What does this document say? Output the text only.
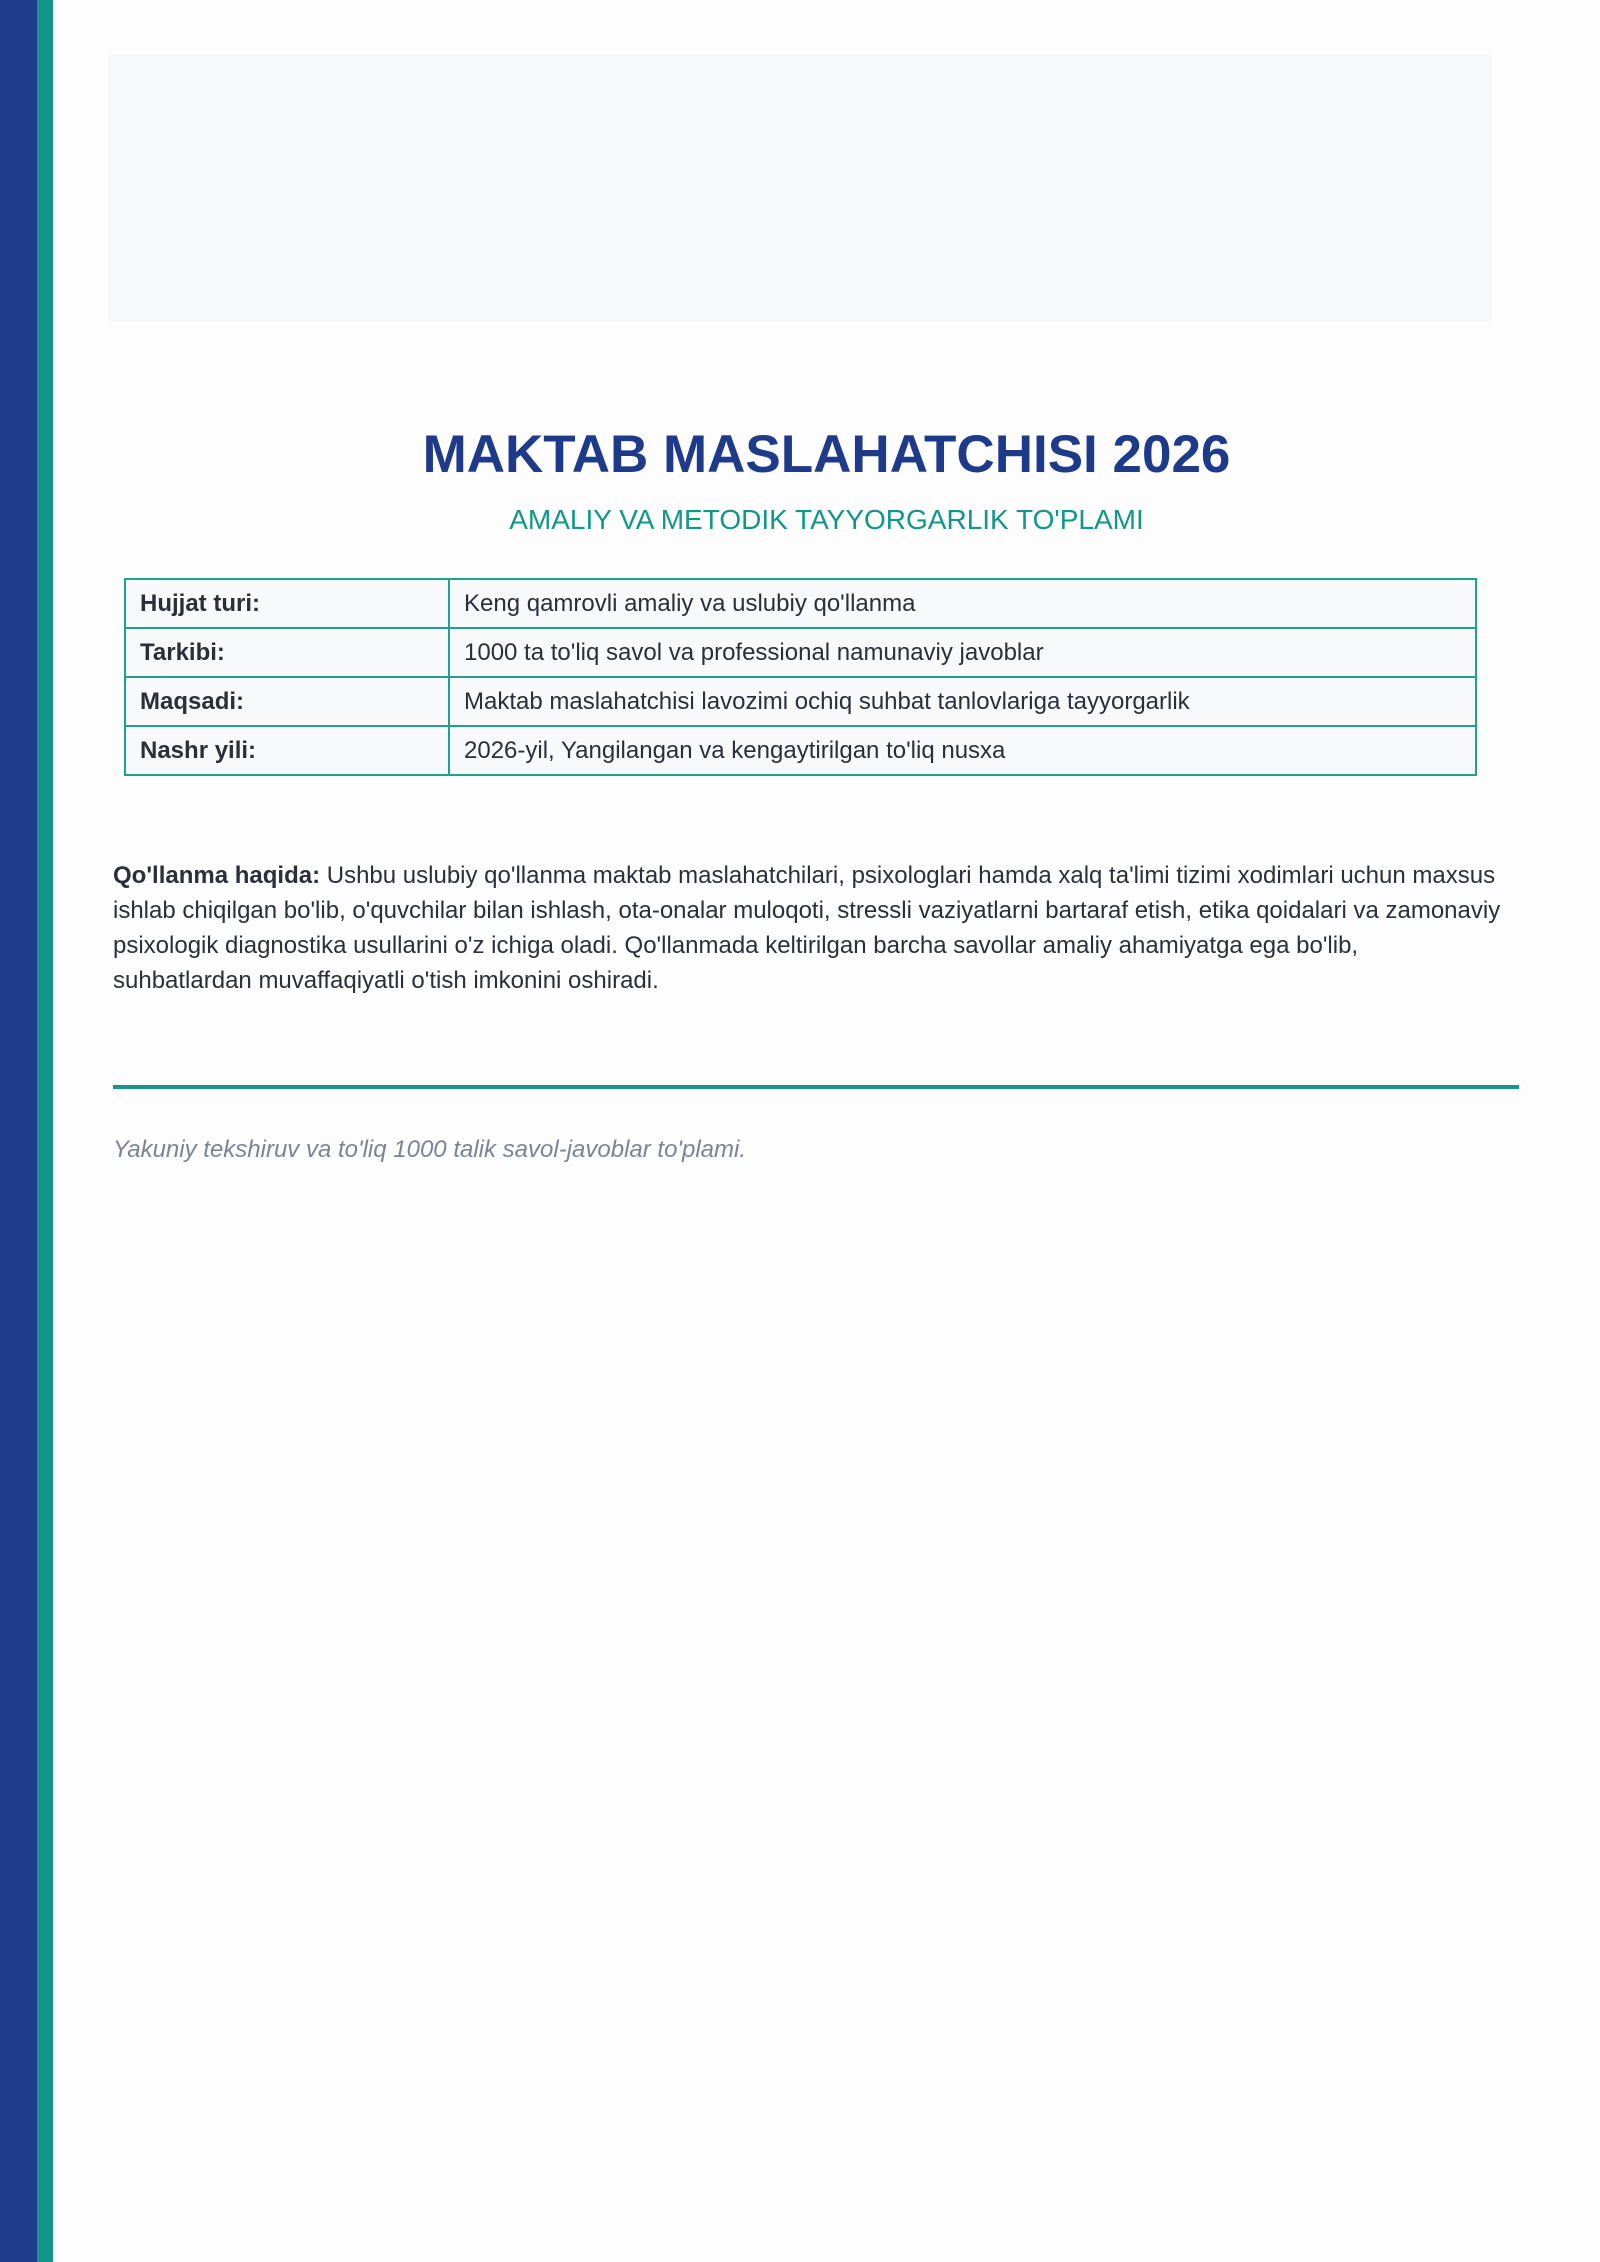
MAKTAB MASLAHATCHISI 2026
AMALIY VA METODIK TAYYORGARLIK TO'PLAMI
Hujjat turi:	Keng qamrovli amaliy va uslubiy qo'llanma
Tarkibi:	1000 ta to'liq savol va professional namunaviy javoblar
Maqsadi:	Maktab maslahatchisi lavozimi ochiq suhbat tanlovlariga tayyorgarlik
Nashr yili:	2026-yil, Yangilangan va kengaytirilgan to'liq nusxa

Qo'llanma haqida: Ushbu uslubiy qo'llanma maktab maslahatchilari, psixologlari hamda xalq ta'limi tizimi xodimlari uchun maxsus ishlab chiqilgan bo'lib, o'quvchilar bilan ishlash, ota-onalar muloqoti, stressli vaziyatlarni bartaraf etish, etika qoidalari va zamonaviy psixologik diagnostika usullarini o'z ichiga oladi. Qo'llanmada keltirilgan barcha savollar amaliy ahamiyatga ega bo'lib, suhbatlardan muvaffaqiyatli o'tish imkonini oshiradi.

Yakuniy tekshiruv va to'liq 1000 talik savol-javoblar to'plami.
